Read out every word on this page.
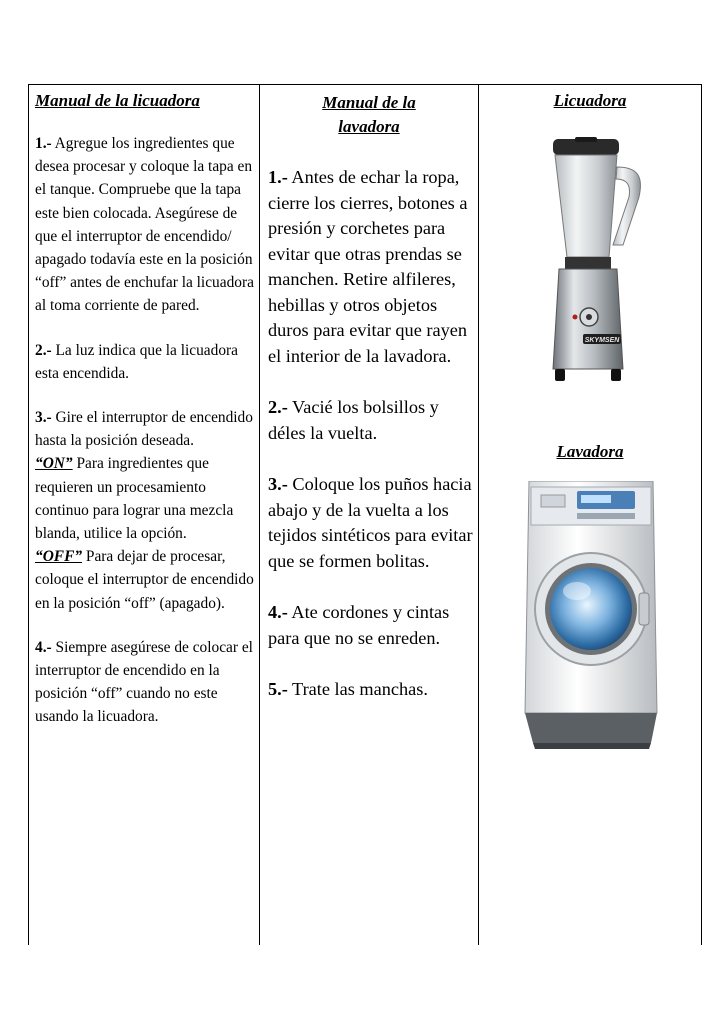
Manual de la licuadora

1.- Agregue los ingredientes que desea procesar y coloque la tapa en el tanque. Compruebe que la tapa este bien colocada. Asegúrese de que el interruptor de encendido/ apagado todavía este en la posición “off” antes de enchufar la licuadora al toma corriente de pared.

2.- La luz indica que la licuadora esta encendida.

3.- Gire el interruptor de encendido hasta la posición deseada.
“ON” Para ingredientes que requieren un procesamiento continuo para lograr una mezcla blanda, utilice la opción.
“OFF” Para dejar de procesar, coloque el interruptor de encendido en la posición “off” (apagado).

4.- Siempre asegúrese de colocar el interruptor de encendido en la posición “off” cuando no este usando la licuadora.

Manual de la lavadora

1.- Antes de echar la ropa, cierre los cierres, botones a presión y corchetes para evitar que otras prendas se manchen. Retire alfileres, hebillas y otros objetos duros para evitar que rayen el interior de la lavadora.

2.- Vacié los bolsillos y déles la vuelta.

3.- Coloque los puños hacia abajo y de la vuelta a los tejidos sintéticos para evitar que se formen bolitas.

4.- Ate cordones y cintas para que no se enreden.

5.- Trate las manchas.

Licuadora
SKYMSEN
Lavadora
